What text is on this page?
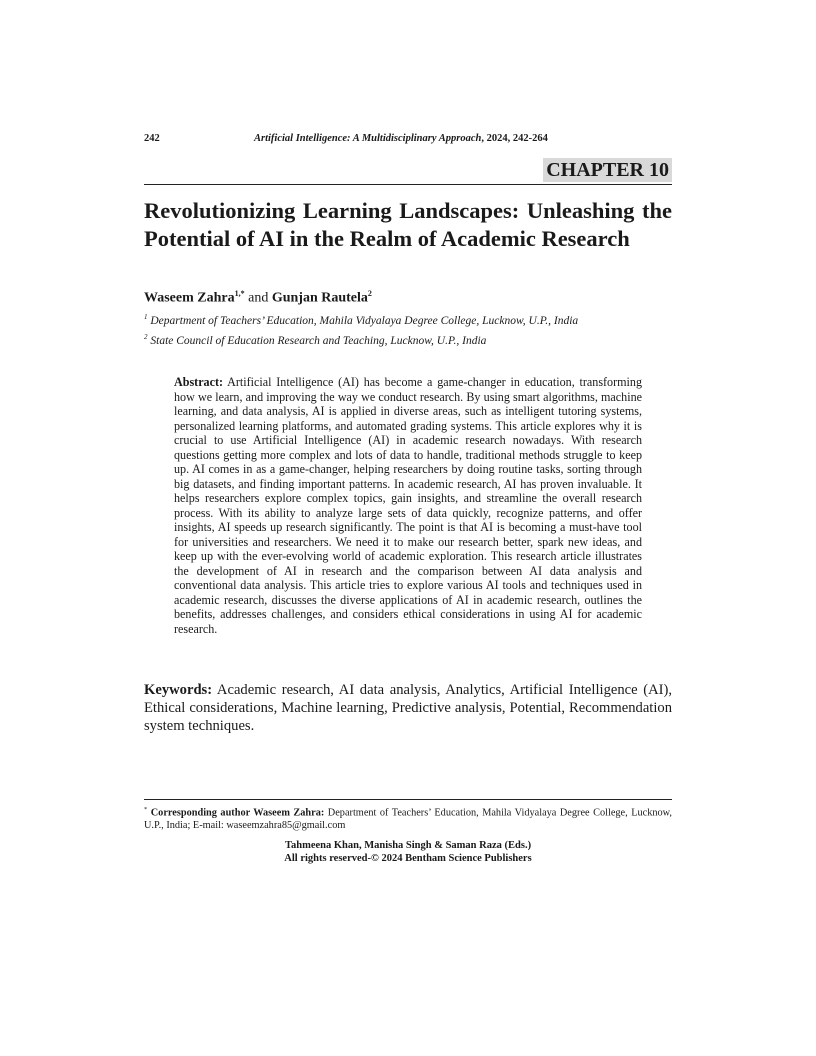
242	Artificial Intelligence: A Multidisciplinary Approach, 2024, 242-264
CHAPTER 10
Revolutionizing Learning Landscapes: Unleashing the Potential of AI in the Realm of Academic Research
Waseem Zahra$^{1,*}$ and Gunjan Rautela$^2$
$^1$ Department of Teachers’ Education, Mahila Vidyalaya Degree College, Lucknow, U.P., India
$^2$ State Council of Education Research and Teaching, Lucknow, U.P., India

Abstract: Artificial Intelligence (AI) has become a game-changer in education, transforming how we learn, and improving the way we conduct research. By using smart algorithms, machine learning, and data analysis, AI is applied in diverse areas, such as intelligent tutoring systems, personalized learning platforms, and automated grading systems. This article explores why it is crucial to use Artificial Intelligence (AI) in academic research nowadays. With research questions getting more complex and lots of data to handle, traditional methods struggle to keep up. AI comes in as a game-changer, helping researchers by doing routine tasks, sorting through big datasets, and finding important patterns. In academic research, AI has proven invaluable. It helps researchers explore complex topics, gain insights, and streamline the overall research process. With its ability to analyze large sets of data quickly, recognize patterns, and offer insights, AI speeds up research significantly. The point is that AI is becoming a must-have tool for universities and researchers. We need it to make our research better, spark new ideas, and keep up with the ever-evolving world of academic exploration. This research article illustrates the development of AI in research and the comparison between AI data analysis and conventional data analysis. This article tries to explore various AI tools and techniques used in academic research, discusses the diverse applications of AI in academic research, outlines the benefits, addresses challenges, and considers ethical considerations in using AI for academic research.

Keywords: Academic research, AI data analysis, Analytics, Artificial Intelligence (AI), Ethical considerations, Machine learning, Predictive analysis, Potential, Recommendation system techniques.

* Corresponding author Waseem Zahra: Department of Teachers’ Education, Mahila Vidyalaya Degree College, Lucknow, U.P., India; E-mail: waseemzahra85@gmail.com

Tahmeena Khan, Manisha Singh & Saman Raza (Eds.)
All rights reserved-© 2024 Bentham Science Publishers
